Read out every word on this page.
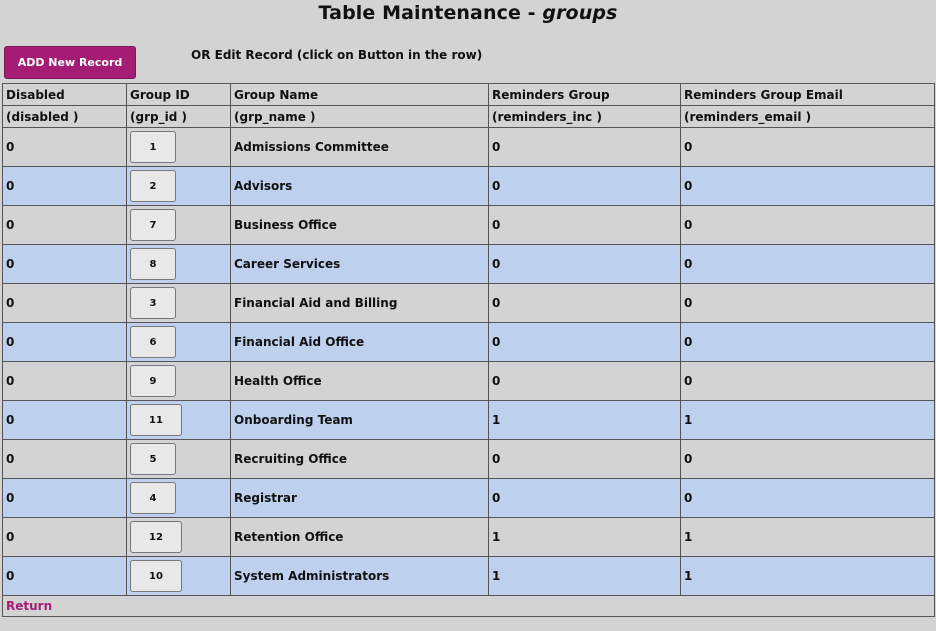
Table Maintenance - groups
ADD New Record
OR Edit Record (click on Button in the row)
Disabled	Group ID	Group Name	Reminders Group	Reminders Group Email
(disabled )	(grp_id )	(grp_name )	(reminders_inc )	(reminders_email )
0	1	Admissions Committee	0	0
0	2	Advisors	0	0
0	7	Business Office	0	0
0	8	Career Services	0	0
0	3	Financial Aid and Billing	0	0
0	6	Financial Aid Office	0	0
0	9	Health Office	0	0
0	11	Onboarding Team	1	1
0	5	Recruiting Office	0	0
0	4	Registrar	0	0
0	12	Retention Office	1	1
0	10	System Administrators	1	1
Return				
